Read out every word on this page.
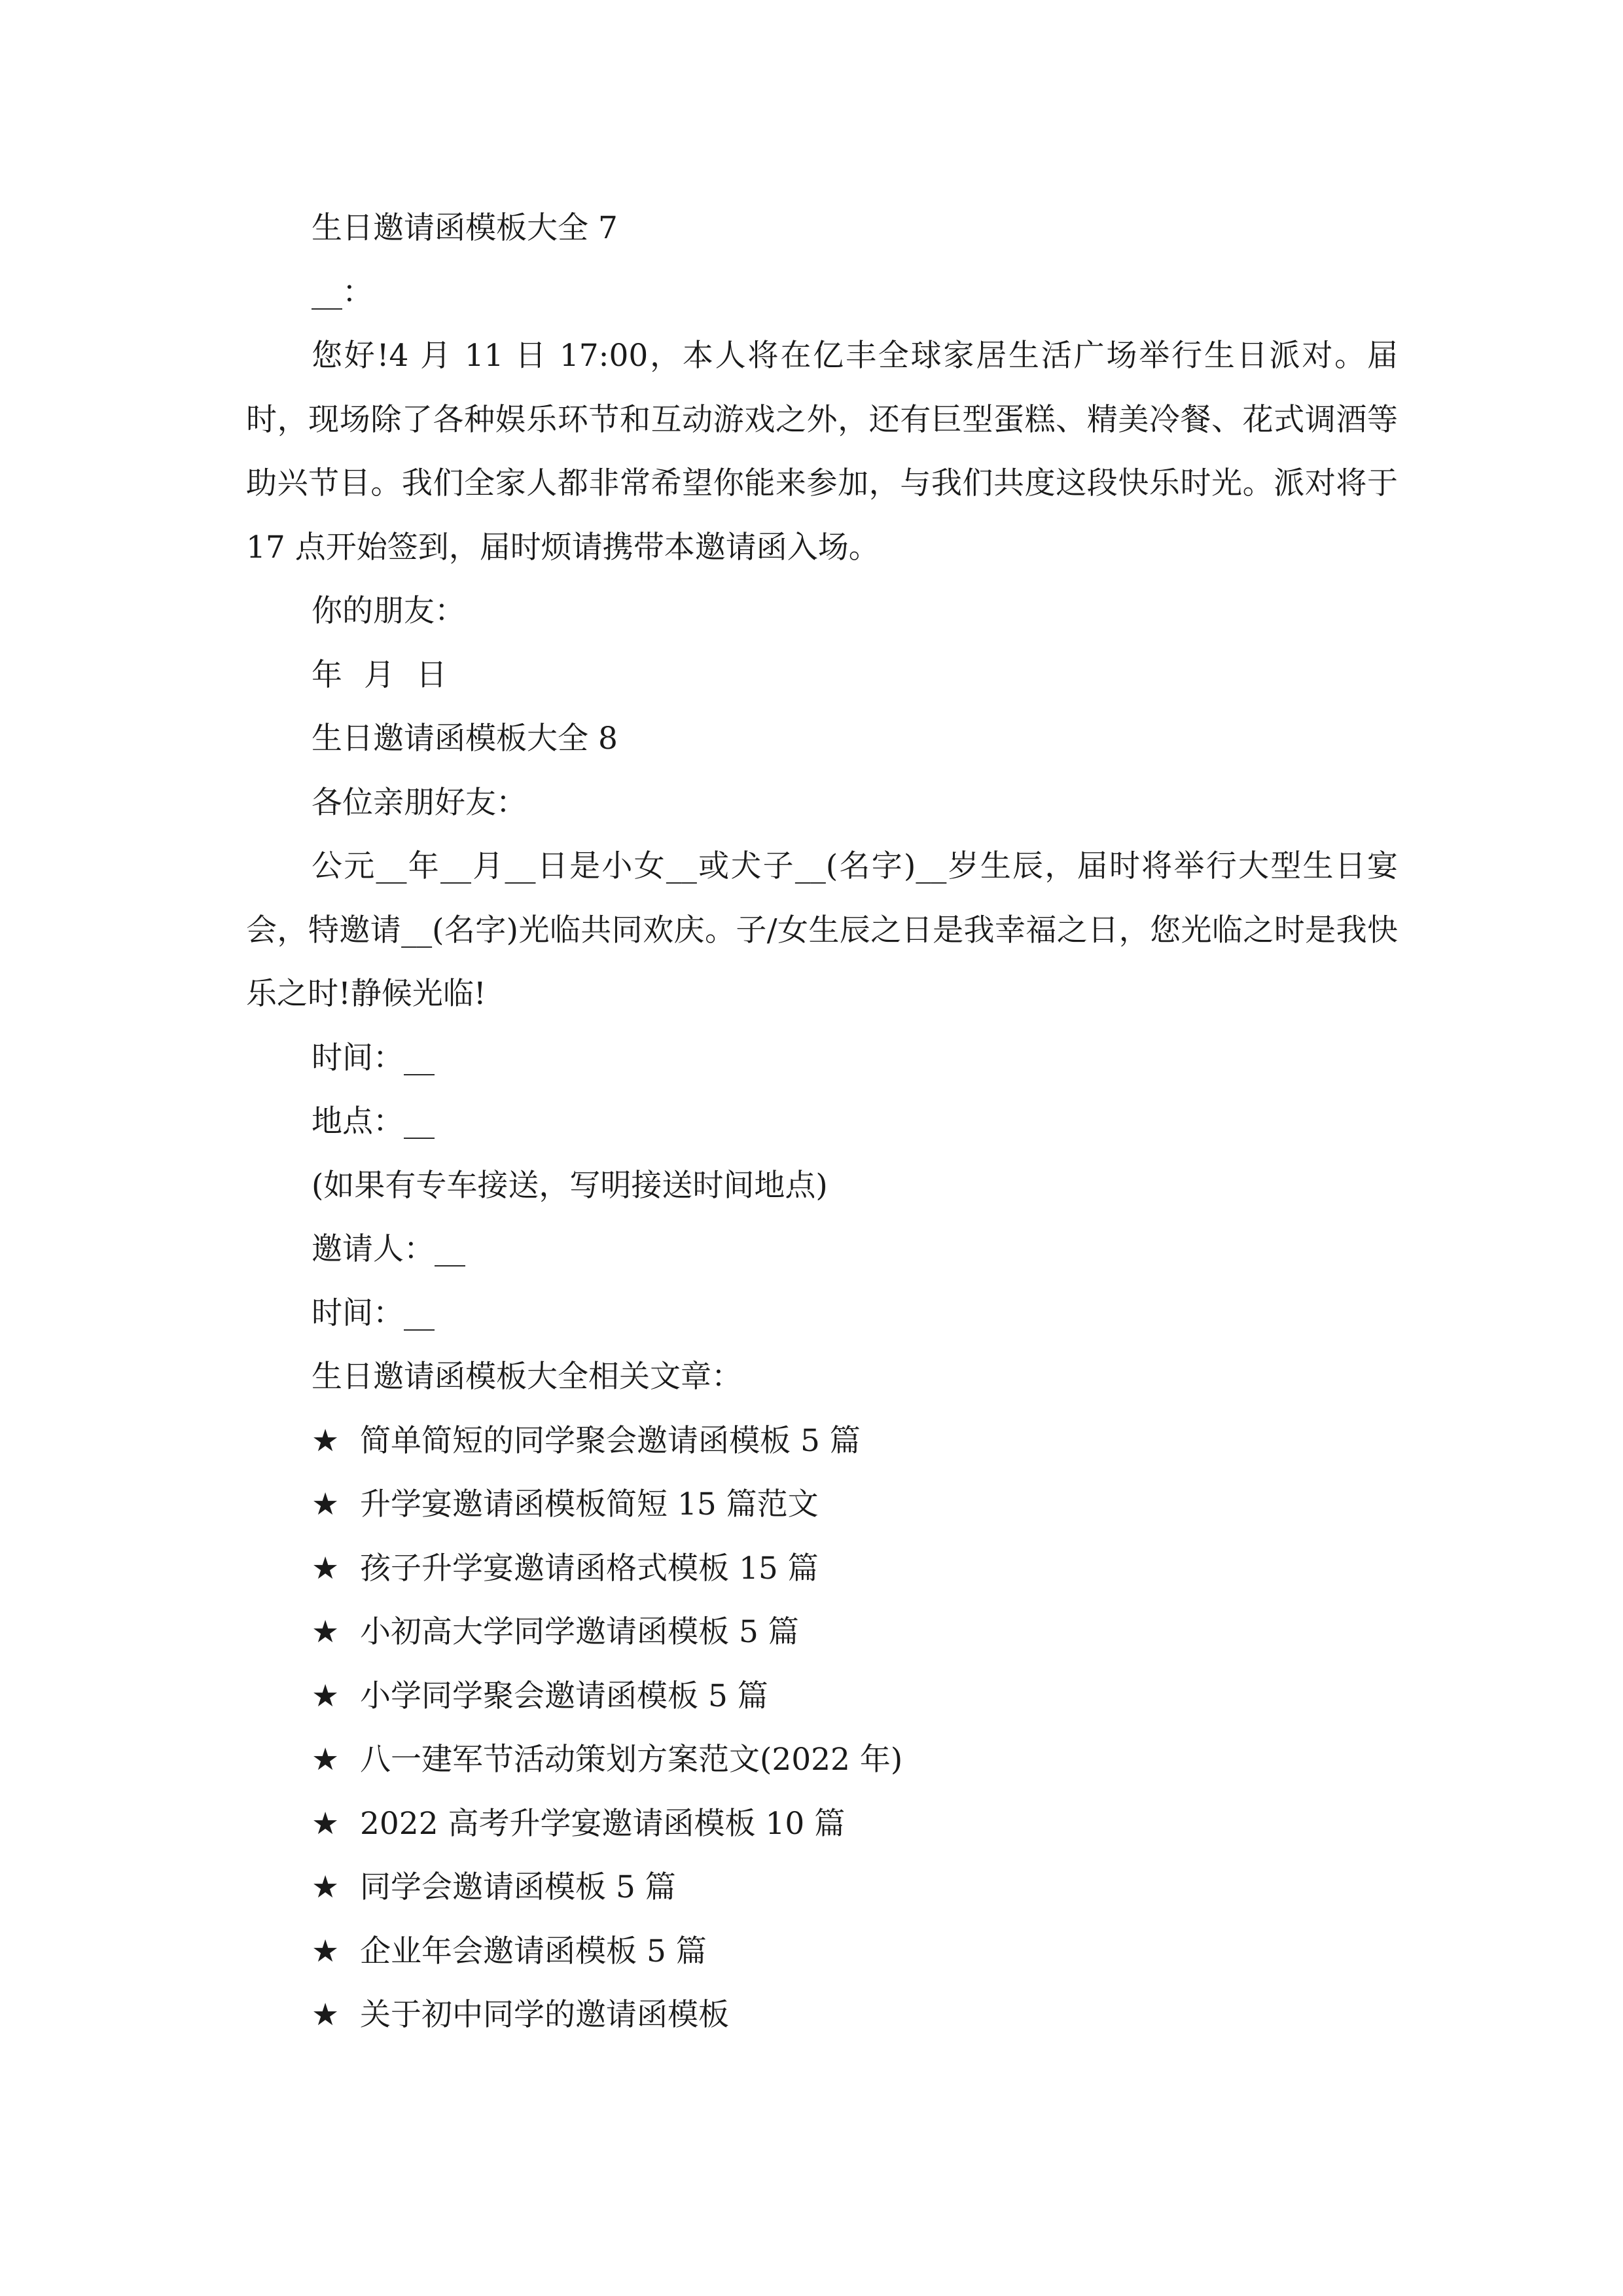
生日邀请函模板大全 7
__：

您好!4 月 11 日 17:00，本人将在亿丰全球家居生活广场举行生日派对。届时，现场除了各种娱乐环节和互动游戏之外，还有巨型蛋糕、精美冷餐、花式调酒等助兴节目。我们全家人都非常希望你能来参加，与我们共度这段快乐时光。派对将于 17 点开始签到，届时烦请携带本邀请函入场。

你的朋友：
年 月 日
生日邀请函模板大全 8
各位亲朋好友：

公元__年__月__日是小女__或犬子__(名字)__岁生辰，届时将举行大型生日宴会，特邀请__(名字)光临共同欢庆。子/女生辰之日是我幸福之日，您光临之时是我快乐之时!静候光临!

时间：__
地点：__
(如果有专车接送，写明接送时间地点)
邀请人：__
时间：__
生日邀请函模板大全相关文章：
★ 简单简短的同学聚会邀请函模板 5 篇
★ 升学宴邀请函模板简短 15 篇范文
★ 孩子升学宴邀请函格式模板 15 篇
★ 小初高大学同学邀请函模板 5 篇
★ 小学同学聚会邀请函模板 5 篇
★ 八一建军节活动策划方案范文(2022 年)
★ 2022 高考升学宴邀请函模板 10 篇
★ 同学会邀请函模板 5 篇
★ 企业年会邀请函模板 5 篇
★ 关于初中同学的邀请函模板
